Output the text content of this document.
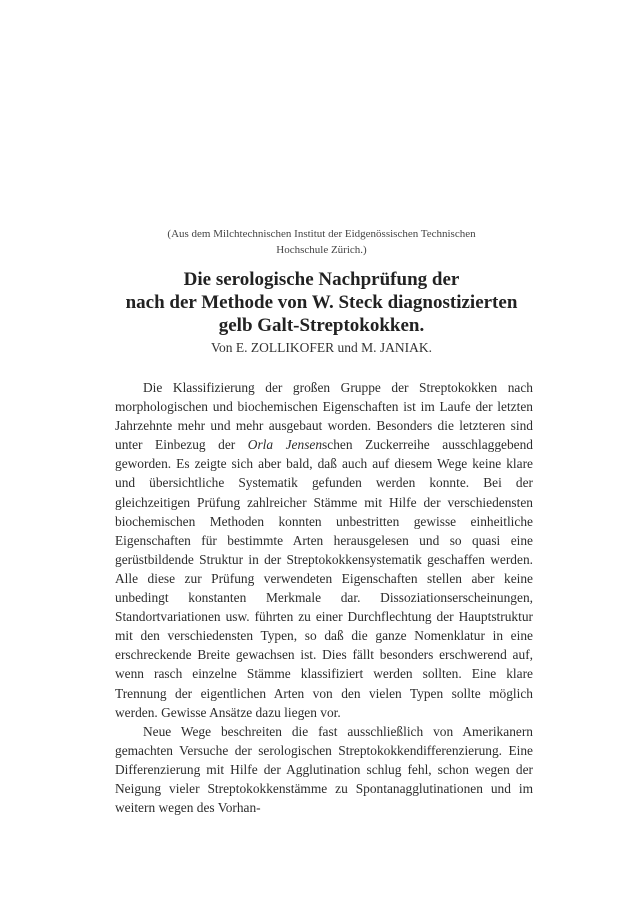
(Aus dem Milchtechnischen Institut der Eidgenössischen Technischen
Hochschule Zürich.)
Die serologische Nachprüfung der
nach der Methode von W. Steck diagnostizierten
gelb Galt-Streptokokken.
Von E. ZOLLIKOFER und M. JANIAK.

Die Klassifizierung der großen Gruppe der Streptokokken nach morphologischen und biochemischen Eigenschaften ist im Laufe der letzten Jahrzehnte mehr und mehr ausgebaut worden. Besonders die letzteren sind unter Einbezug der Orla Jensenschen Zuckerreihe ausschlaggebend geworden. Es zeigte sich aber bald, daß auch auf diesem Wege keine klare und übersichtliche Systematik gefunden werden konnte. Bei der gleichzeitigen Prüfung zahlreicher Stämme mit Hilfe der verschiedensten biochemischen Methoden konnten unbestritten gewisse einheitliche Eigenschaften für bestimmte Arten herausgelesen und so quasi eine gerüstbildende Struktur in der Streptokokkensystematik geschaffen werden. Alle diese zur Prüfung verwendeten Eigenschaften stellen aber keine unbedingt konstanten Merkmale dar. Dissoziationserscheinungen, Standortvariationen usw. führten zu einer Durchflechtung der Hauptstruktur mit den verschiedensten Typen, so daß die ganze Nomenklatur in eine erschreckende Breite gewachsen ist. Dies fällt besonders erschwerend auf, wenn rasch einzelne Stämme klassifiziert werden sollten. Eine klare Trennung der eigentlichen Arten von den vielen Typen sollte möglich werden. Gewisse Ansätze dazu liegen vor.

Neue Wege beschreiten die fast ausschließlich von Amerikanern gemachten Versuche der serologischen Streptokokkendifferenzierung. Eine Differenzierung mit Hilfe der Agglutination schlug fehl, schon wegen der Neigung vieler Streptokokkenstämme zu Spontanagglutinationen und im weitern wegen des Vorhan-
